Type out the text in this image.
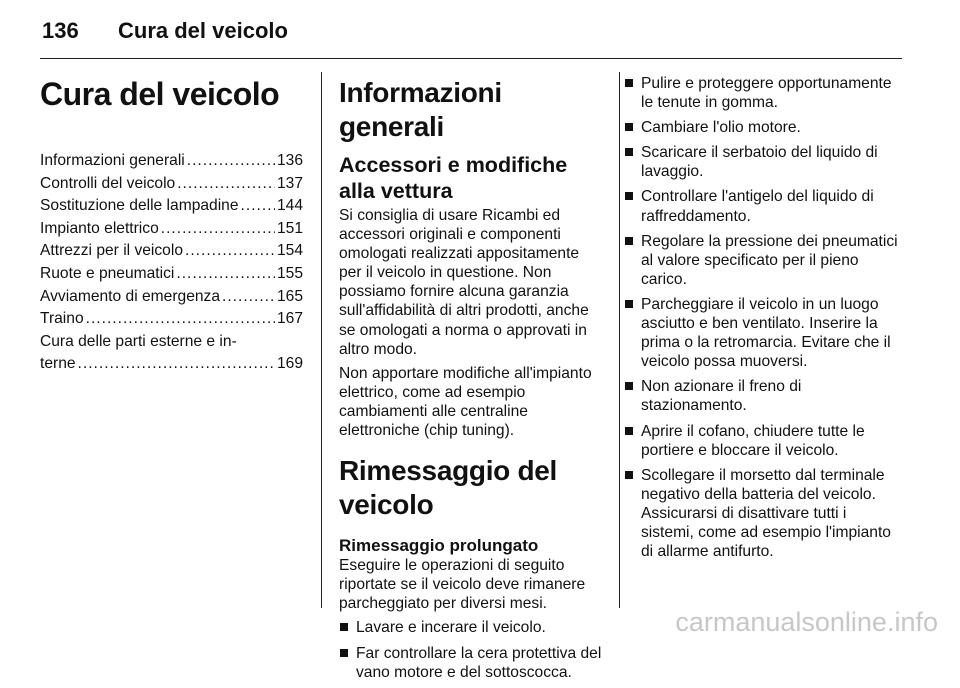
136 Cura del veicolo
Cura del veicolo
Informazioni generali .....	136
Controlli del veicolo .....	137
Sostituzione delle lampadine ..... 144
Impianto elettrico .....	151
Attrezzi per il veicolo .....	154
Ruote e pneumatici .....	155
Avviamento di emergenza .....	165
Traino .....	167
Cura delle parti esterne e in-
terne .....	169
Informazioni generali
Accessori e modifiche alla vettura

Si consiglia di usare Ricambi ed accessori originali e componenti omologati realizzati appositamente per il veicolo in questione. Non possiamo fornire alcuna garanzia sull'affidabilità di altri prodotti, anche se omologati a norma o approvati in altro modo.

Non apportare modifiche all'impianto elettrico, come ad esempio cambiamenti alle centraline elettroniche (chip tuning).

Rimessaggio del veicolo
Rimessaggio prolungato

Eseguire le operazioni di seguito riportate se il veicolo deve rimanere parcheggiato per diversi mesi.

Lavare e incerare il veicolo.
Far controllare la cera protettiva del vano motore e del sottoscocca.
Pulire e proteggere opportunamente le tenute in gomma.
Cambiare l'olio motore.
Scaricare il serbatoio del liquido di lavaggio.
Controllare l'antigelo del liquido di raffreddamento.
Regolare la pressione dei pneumatici al valore specificato per il pieno carico.
Parcheggiare il veicolo in un luogo asciutto e ben ventilato. Inserire la prima o la retromarcia. Evitare che il veicolo possa muoversi.
Non azionare il freno di stazionamento.
Aprire il cofano, chiudere tutte le portiere e bloccare il veicolo.
Scollegare il morsetto dal terminale negativo della batteria del veicolo. Assicurarsi di disattivare tutti i sistemi, come ad esempio l'impianto di allarme antifurto.
carmanualsonline.info
